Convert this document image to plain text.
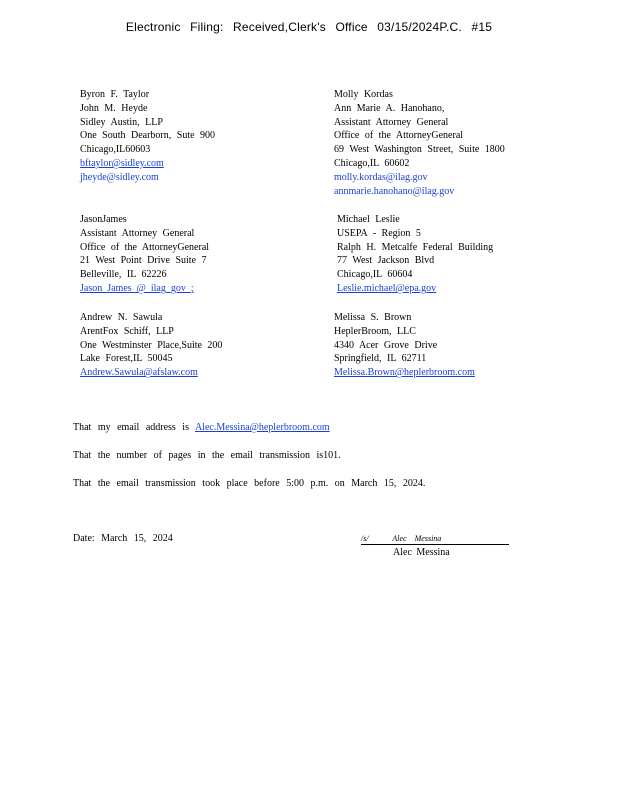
Electronic Filing: Received,Clerk's Office 03/15/2024P.C. #15
Byron F. Taylor
John M. Heyde
Sidley Austin, LLP
One South Dearborn, Sute 900
Chicago,IL60603
bftaylor@sidley.com
jheyde@sidley.com
Molly Kordas
Ann Marie A. Hanohano,
Assistant Attorney General
Office of the AttorneyGeneral
69 West Washington Street, Suite 1800
Chicago,IL 60602
molly.kordas@ilag.gov
annmarie.hanohano@ilag.gov
JasonJames
Assistant Attorney General
Office of the AttorneyGeneral
21 West Point Drive Suite 7
Belleville, IL 62226
Jason_James_@_ilag_gov_;
Michael Leslie
USEPA - Region 5
Ralph H. Metcalfe Federal Building
77 West Jackson Blvd
Chicago,IL 60604
Leslie.michael@epa.gov
Andrew N. Sawula
ArentFox Schiff, LLP
One Westminster Place,Suite 200
Lake Forest,IL 50045
Andrew.Sawula@afslaw.com
Melissa S. Brown
HeplerBroom, LLC
4340 Acer Grove Drive
Springfield, IL 62711
Melissa.Brown@heplerbroom.com
That my email address is Alec.Messina@heplerbroom.com
That the number of pages in the email transmission is101.
That the email transmission took place before 5:00 p.m. on March 15, 2024.
Date: March 15, 2024	/s/	Alec Messina
Alec Messina
